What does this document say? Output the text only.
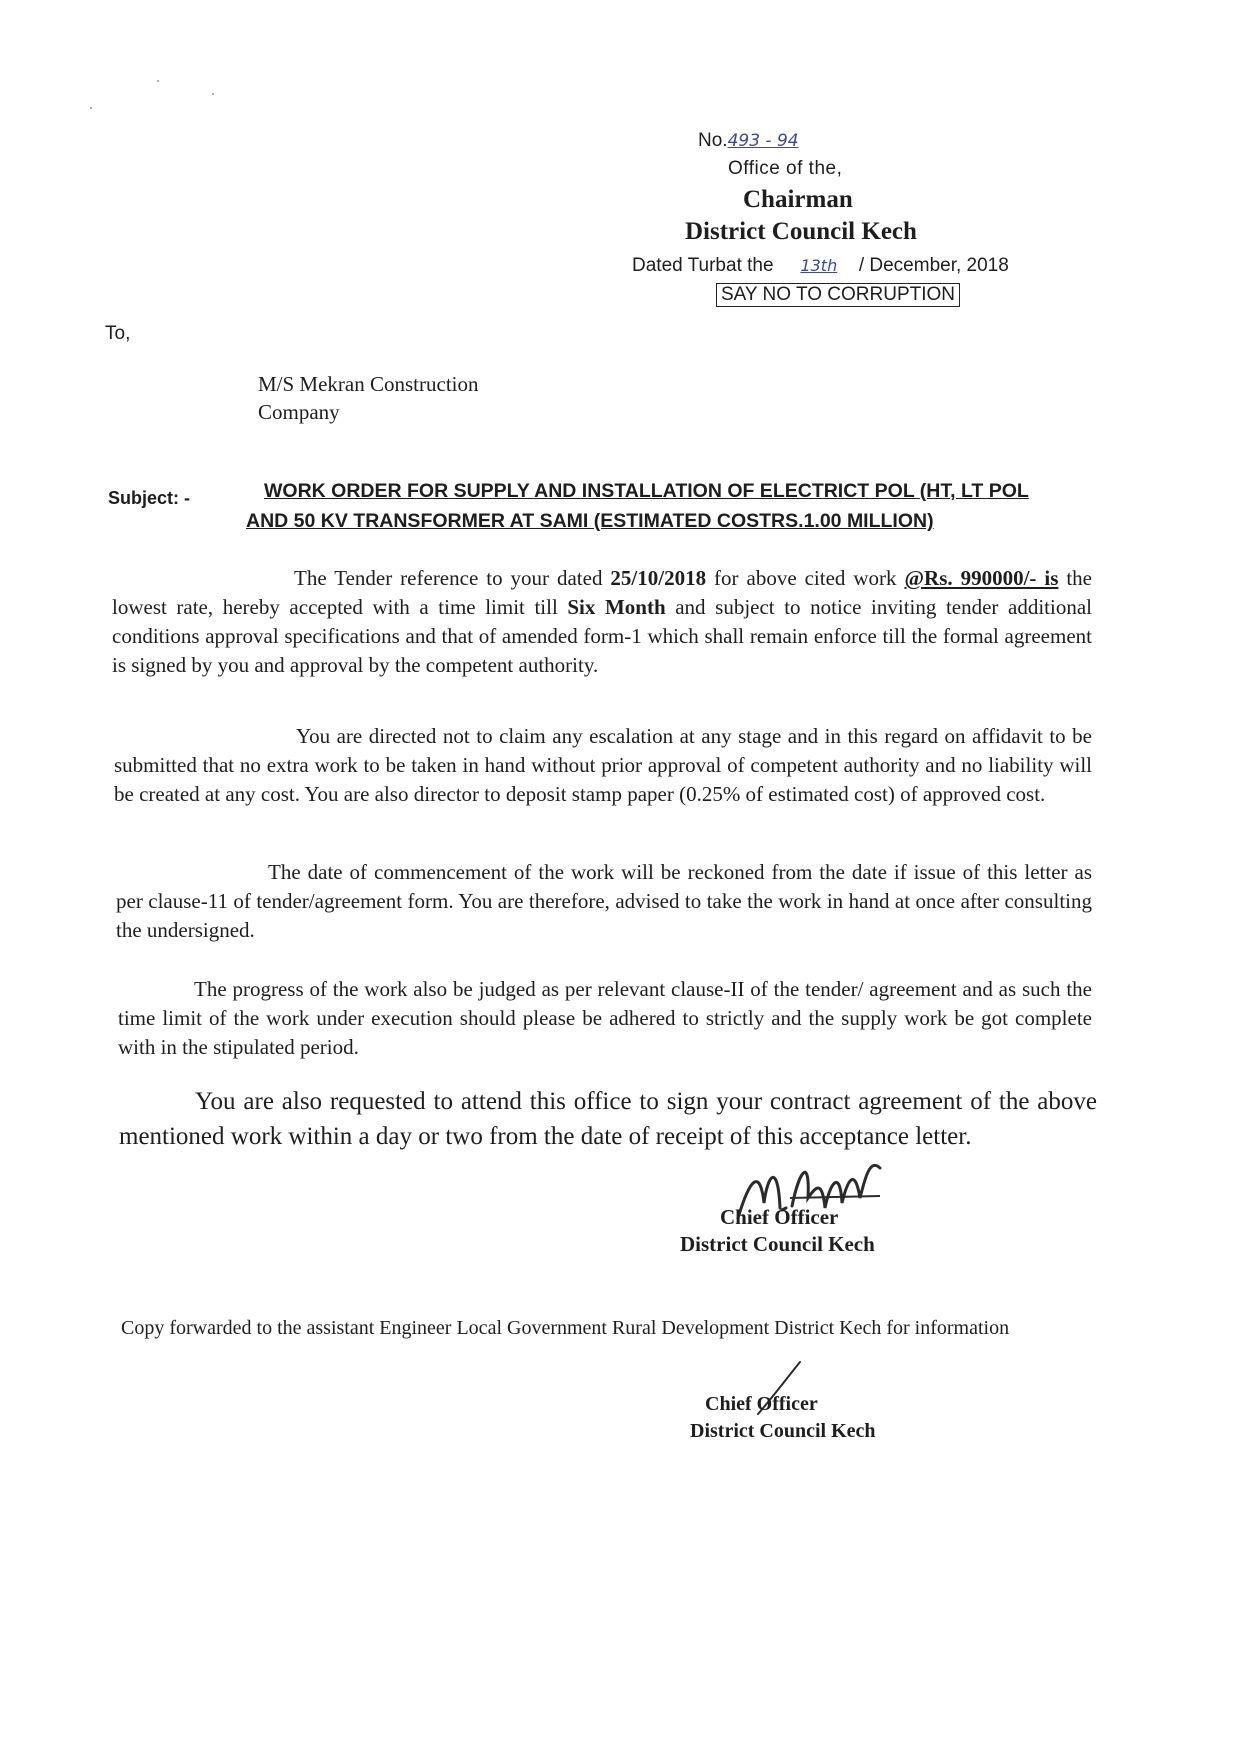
No.493 - 94
Office of the,
Chairman
District Council Kech
Dated Turbat the 13th / December, 2018
SAY NO TO CORRUPTION
To,
M/S Mekran Construction
Company
Subject: -	WORK ORDER FOR SUPPLY AND INSTALLATION OF ELECTRICT POL (HT, LT POL
AND 50 KV TRANSFORMER AT SAMI (ESTIMATED COSTRS.1.00 MILLION)
The Tender reference to your dated 25/10/2018 for above cited work @Rs. 990000/- is the lowest rate, hereby accepted with a time limit till Six Month and subject to notice inviting tender additional conditions approval specifications and that of amended form-1 which shall remain enforce till the formal agreement is signed by you and approval by the competent authority.
You are directed not to claim any escalation at any stage and in this regard on affidavit to be submitted that no extra work to be taken in hand without prior approval of competent authority and no liability will be created at any cost. You are also director to deposit stamp paper (0.25% of estimated cost) of approved cost.
The date of commencement of the work will be reckoned from the date if issue of this letter as per clause-11 of tender/agreement form. You are therefore, advised to take the work in hand at once after consulting the undersigned.
The progress of the work also be judged as per relevant clause-II of the tender/ agreement and as such the time limit of the work under execution should please be adhered to strictly and the supply work be got complete with in the stipulated period.
You are also requested to attend this office to sign your contract agreement of the above mentioned work within a day or two from the date of receipt of this acceptance letter.
Chief Officer
District Council Kech
Copy forwarded to the assistant Engineer Local Government Rural Development District Kech for information
Chief Officer
District Council Kech
